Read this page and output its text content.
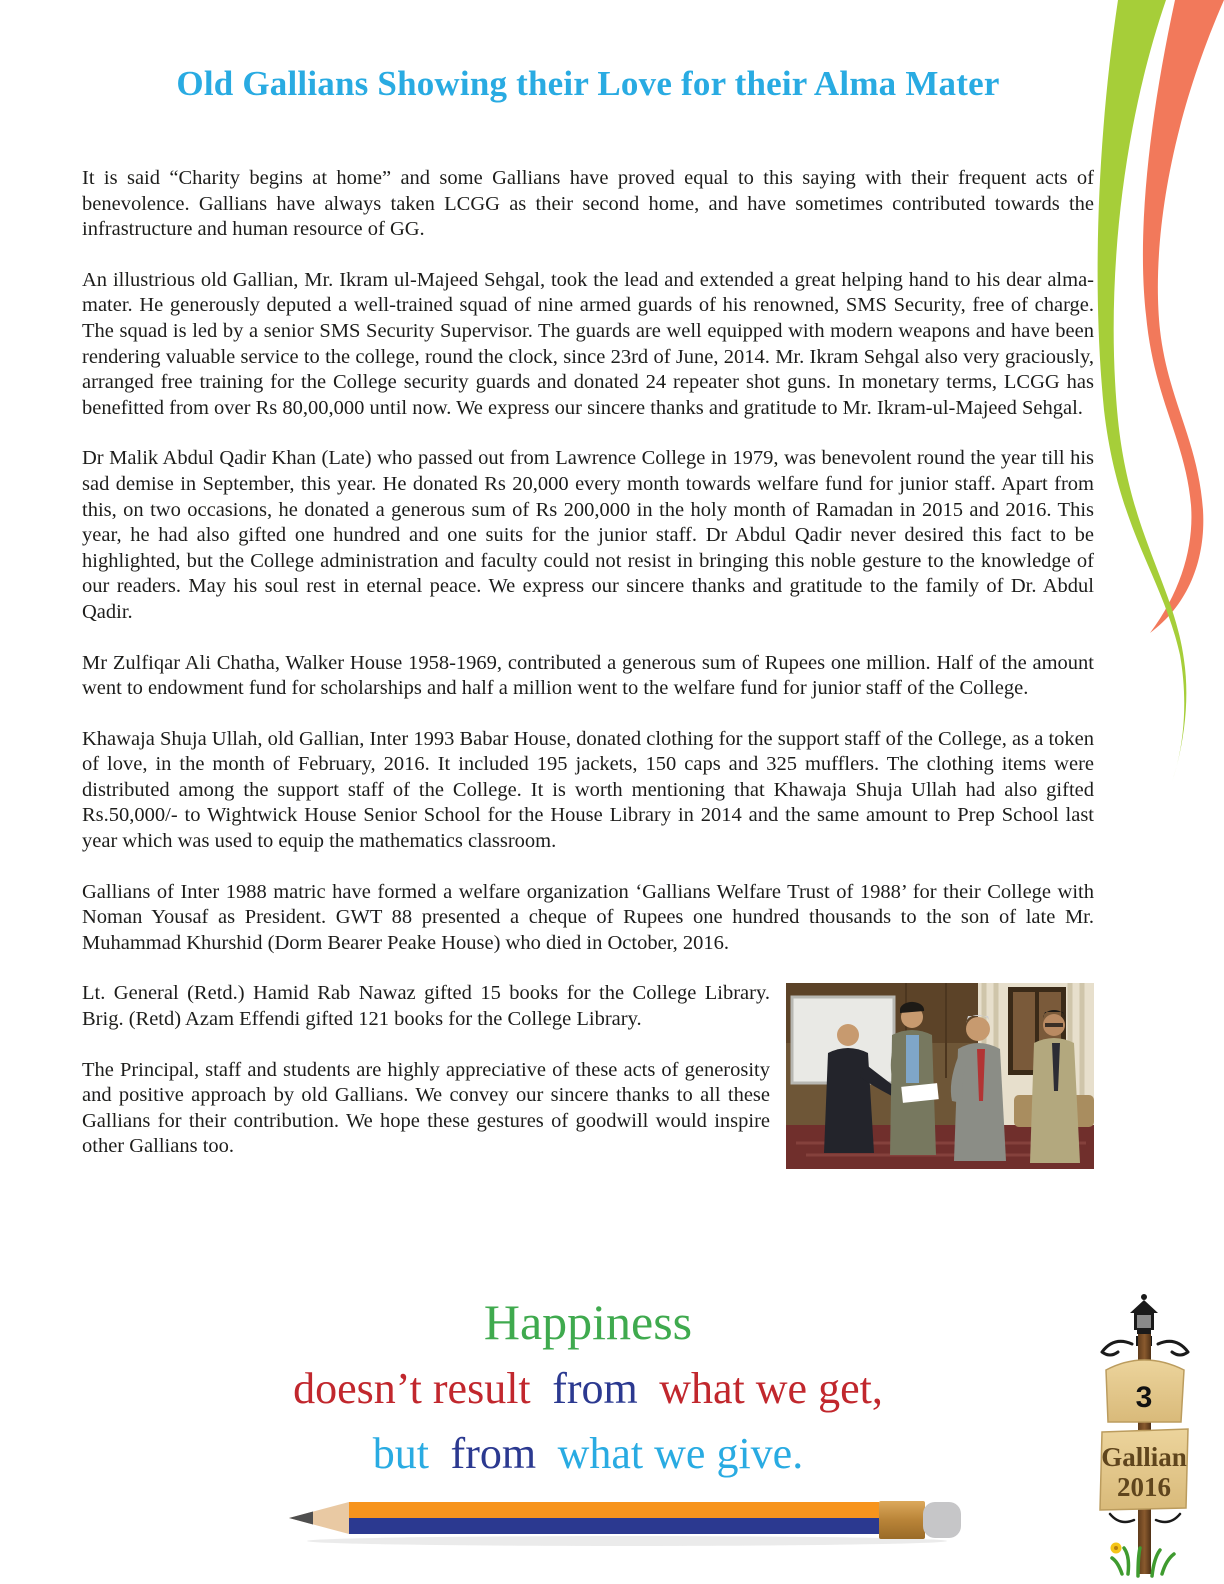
Old Gallians Showing their Love for their Alma Mater

It is said “Charity begins at home” and some Gallians have proved equal to this saying with their frequent acts of benevolence. Gallians have always taken LCGG as their second home, and have sometimes contributed towards the infrastructure and human resource of GG.

An illustrious old Gallian, Mr. Ikram ul-Majeed Sehgal, took the lead and extended a great helping hand to his dear alma-mater. He generously deputed a well-trained squad of nine armed guards of his renowned, SMS Security, free of charge. The squad is led by a senior SMS Security Supervisor. The guards are well equipped with modern weapons and have been rendering valuable service to the college, round the clock, since 23rd of June, 2014. Mr. Ikram Sehgal also very graciously, arranged free training for the College security guards and donated 24 repeater shot guns. In monetary terms, LCGG has benefitted from over Rs 80,00,000 until now. We express our sincere thanks and gratitude to Mr. Ikram-ul-Majeed Sehgal.

Dr Malik Abdul Qadir Khan (Late) who passed out from Lawrence College in 1979, was benevolent round the year till his sad demise in September, this year. He donated Rs 20,000 every month towards welfare fund for junior staff. Apart from this, on two occasions, he donated a generous sum of Rs 200,000 in the holy month of Ramadan in 2015 and 2016. This year, he had also gifted one hundred and one suits for the junior staff. Dr Abdul Qadir never desired this fact to be highlighted, but the College administration and faculty could not resist in bringing this noble gesture to the knowledge of our readers. May his soul rest in eternal peace. We express our sincere thanks and gratitude to the family of Dr. Abdul Qadir.

Mr Zulfiqar Ali Chatha, Walker House 1958-1969, contributed a generous sum of Rupees one million. Half of the amount went to endowment fund for scholarships and half a million went to the welfare fund for junior staff of the College.

Khawaja Shuja Ullah, old Gallian, Inter 1993 Babar House, donated clothing for the support staff of the College, as a token of love, in the month of February, 2016. It included 195 jackets, 150 caps and 325 mufflers. The clothing items were distributed among the support staff of the College. It is worth mentioning that Khawaja Shuja Ullah had also gifted Rs.50,000/- to Wightwick House Senior School for the House Library in 2014 and the same amount to Prep School last year which was used to equip the mathematics classroom.

Gallians of Inter 1988 matric have formed a welfare organization ‘Gallians Welfare Trust of 1988’ for their College with Noman Yousaf as President. GWT 88 presented a cheque of Rupees one hundred thousands to the son of late Mr. Muhammad Khurshid (Dorm Bearer Peake House) who died in October, 2016.

Lt. General (Retd.) Hamid Rab Nawaz gifted 15 books for the College Library. Brig. (Retd) Azam Effendi gifted 121 books for the College Library.

The Principal, staff and students are highly appreciative of these acts of generosity and positive approach by old Gallians. We convey our sincere thanks to all these Gallians for their contribution. We hope these gestures of goodwill would inspire other Gallians too.

Happiness
doesn’t result from what we get,
but from what we give.
3
Gallian
2016
